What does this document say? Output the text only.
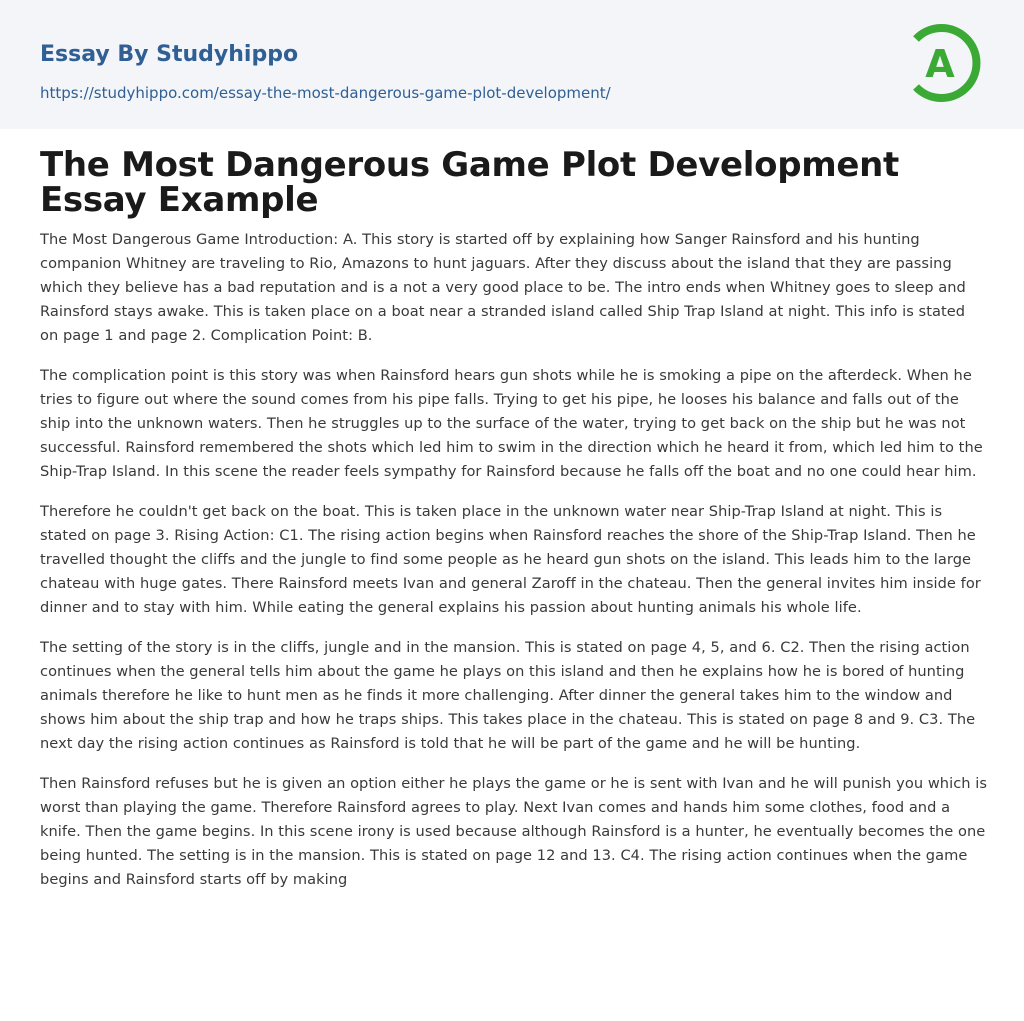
Essay By Studyhippo
https://studyhippo.com/essay-the-most-dangerous-game-plot-development/
A
The Most Dangerous Game Plot Development Essay Example

The Most Dangerous Game Introduction: A. This story is started off by explaining how Sanger Rainsford and his hunting companion Whitney are traveling to Rio, Amazons to hunt jaguars. After they discuss about the island that they are passing which they believe has a bad reputation and is a not a very good place to be. The intro ends when Whitney goes to sleep and Rainsford stays awake. This is taken place on a boat near a stranded island called Ship Trap Island at night. This info is stated on page 1 and page 2. Complication Point: B.

The complication point is this story was when Rainsford hears gun shots while he is smoking a pipe on the afterdeck. When he tries to figure out where the sound comes from his pipe falls. Trying to get his pipe, he looses his balance and falls out of the ship into the unknown waters. Then he struggles up to the surface of the water, trying to get back on the ship but he was not successful. Rainsford remembered the shots which led him to swim in the direction which he heard it from, which led him to the Ship-Trap Island. In this scene the reader feels sympathy for Rainsford because he falls off the boat and no one could hear him.

Therefore he couldn't get back on the boat. This is taken place in the unknown water near Ship-Trap Island at night. This is stated on page 3. Rising Action: C1. The rising action begins when Rainsford reaches the shore of the Ship-Trap Island. Then he travelled thought the cliffs and the jungle to find some people as he heard gun shots on the island. This leads him to the large chateau with huge gates. There Rainsford meets Ivan and general Zaroff in the chateau. Then the general invites him inside for dinner and to stay with him. While eating the general explains his passion about hunting animals his whole life.

The setting of the story is in the cliffs, jungle and in the mansion. This is stated on page 4, 5, and 6. C2. Then the rising action continues when the general tells him about the game he plays on this island and then he explains how he is bored of hunting animals therefore he like to hunt men as he finds it more challenging. After dinner the general takes him to the window and shows him about the ship trap and how he traps ships. This takes place in the chateau. This is stated on page 8 and 9. C3. The next day the rising action continues as Rainsford is told that he will be part of the game and he will be hunting.

Then Rainsford refuses but he is given an option either he plays the game or he is sent with Ivan and he will punish you which is worst than playing the game. Therefore Rainsford agrees to play. Next Ivan comes and hands him some clothes, food and a knife. Then the game begins. In this scene irony is used because although Rainsford is a hunter, he eventually becomes the one being hunted. The setting is in the mansion. This is stated on page 12 and 13. C4. The rising action continues when the game begins and Rainsford starts off by making
